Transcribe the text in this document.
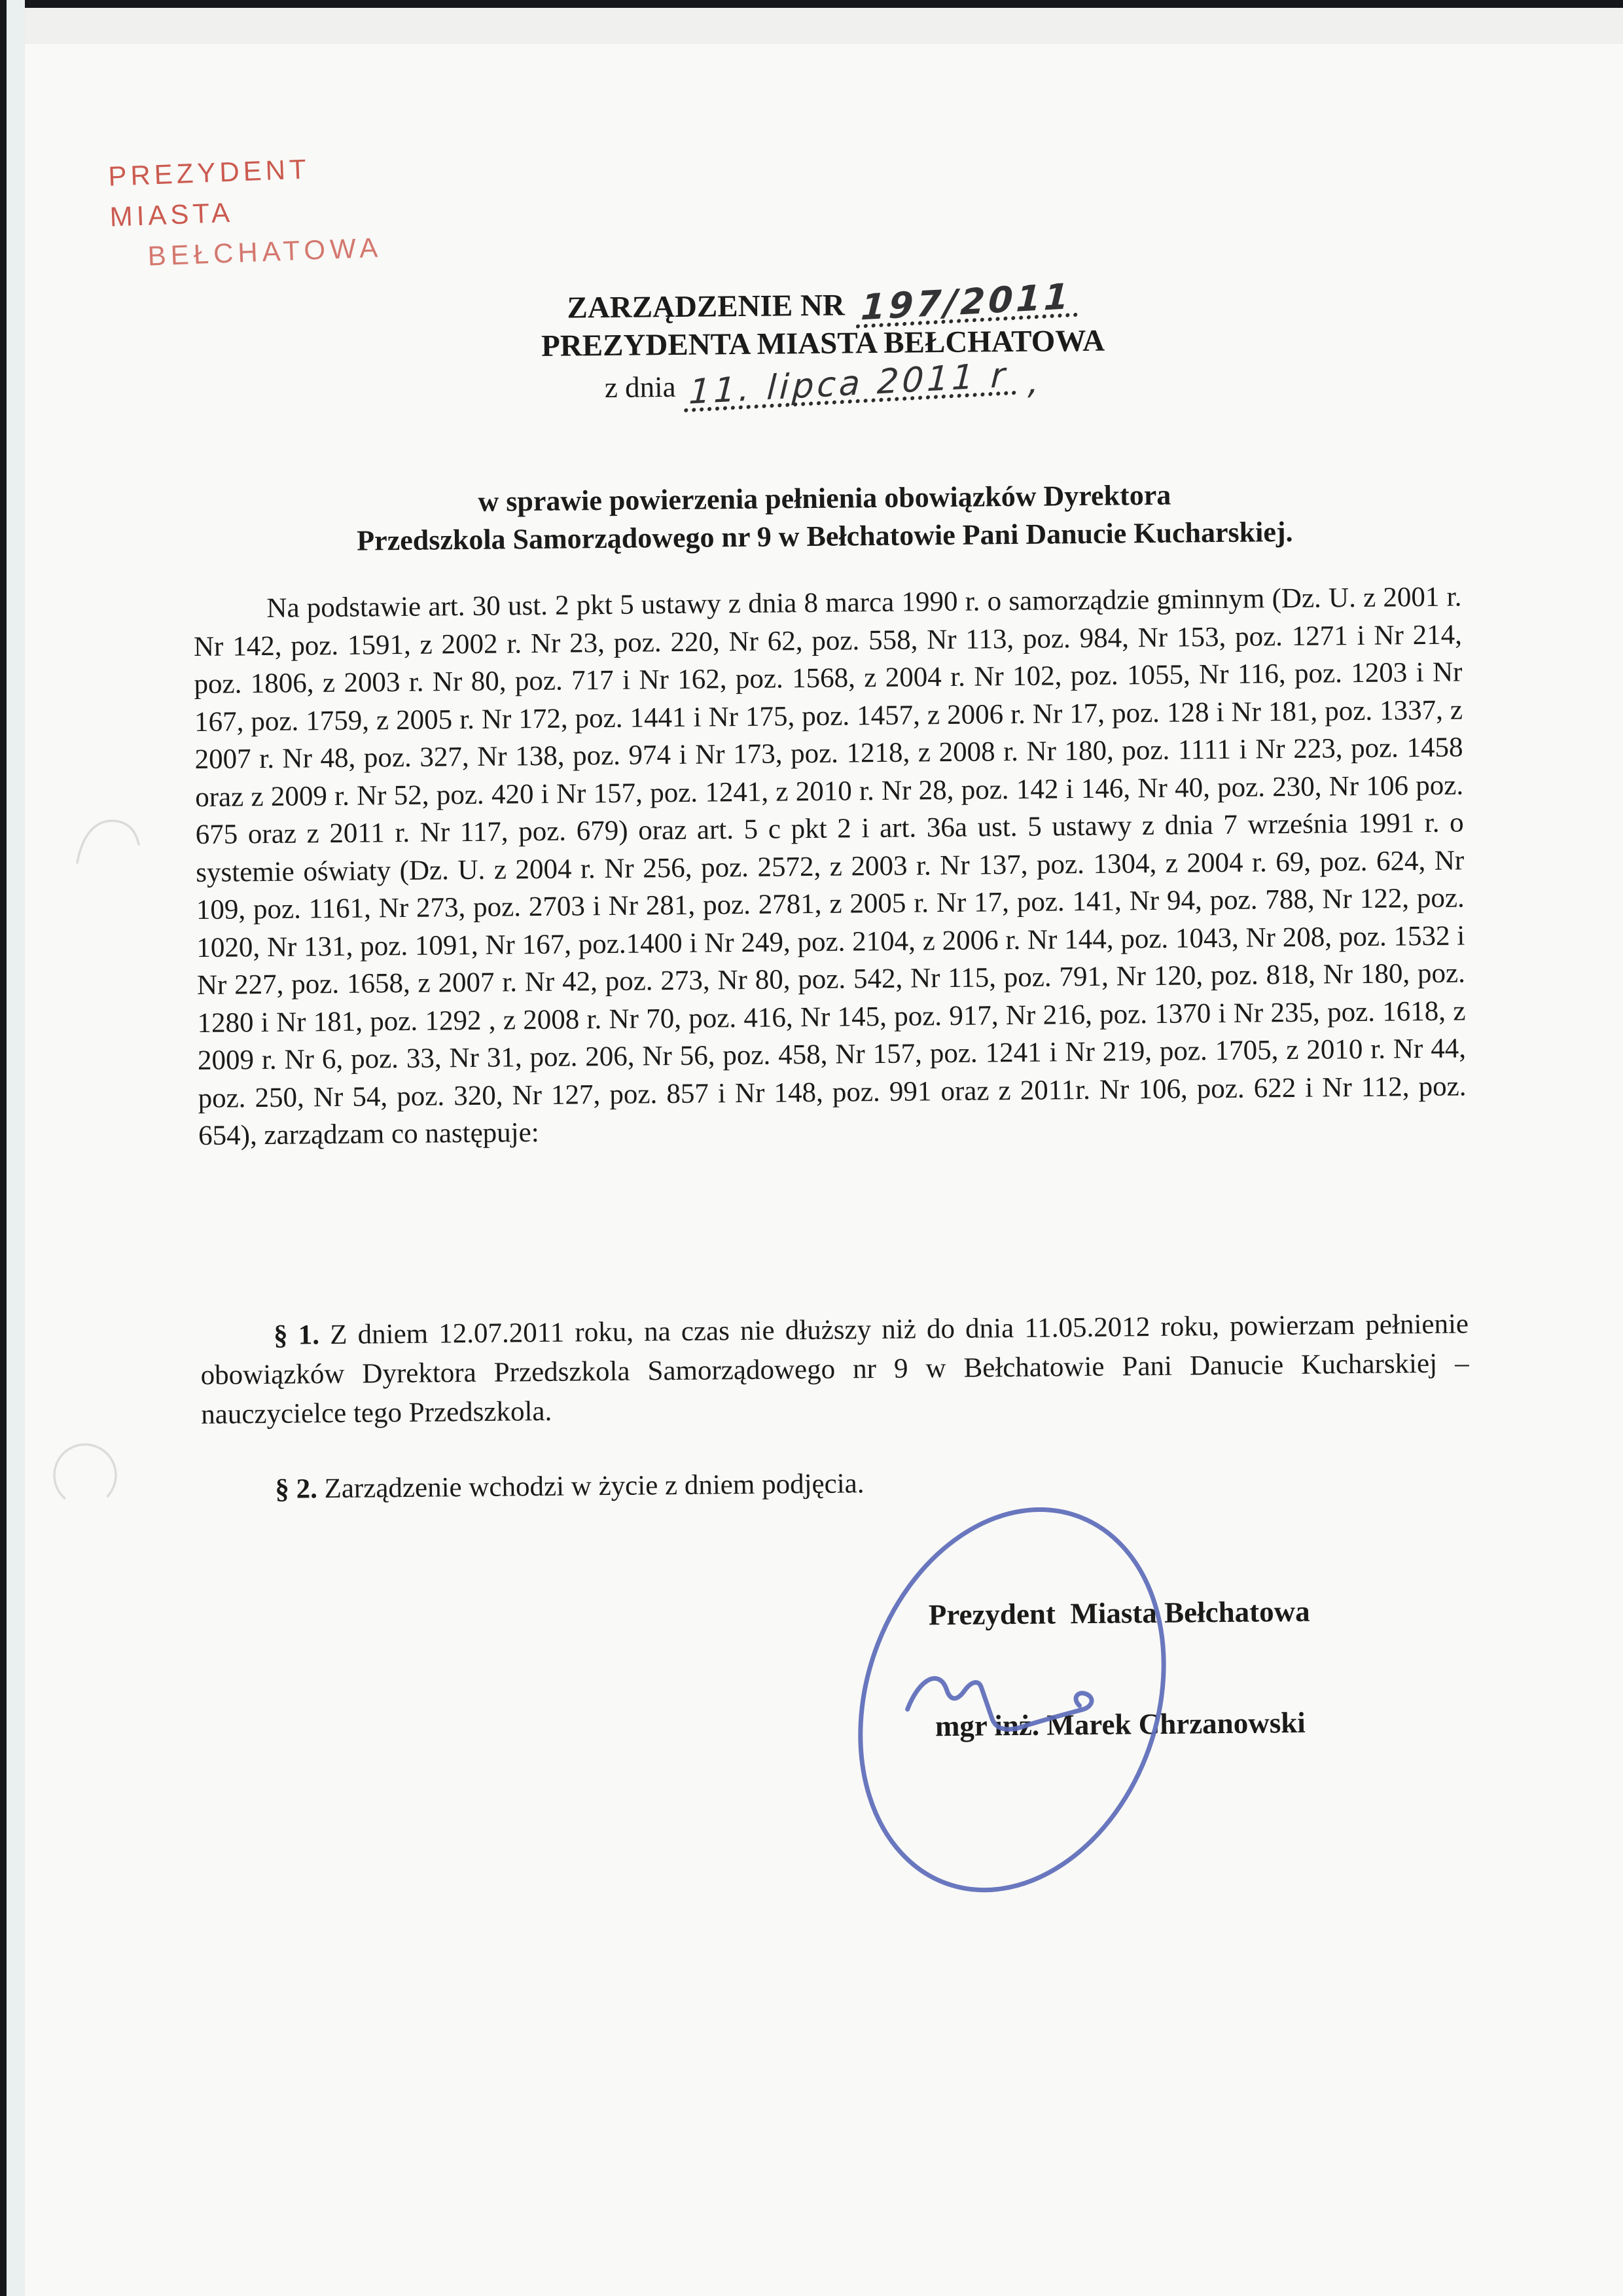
PREZYDENT MIASTA
BEŁCHATOWA
ZARZĄDZENIE NR 197/2011
PREZYDENTA MIASTA BEŁCHATOWA
z dnia 11. lipca 2011 r ,
w sprawie powierzenia pełnienia obowiązków Dyrektora
Przedszkola Samorządowego nr 9 w Bełchatowie Pani Danucie Kucharskiej.

Na podstawie art. 30 ust. 2 pkt 5 ustawy z dnia 8 marca 1990 r. o samorządzie gminnym (Dz. U. z 2001 r. Nr 142, poz. 1591, z 2002 r. Nr 23, poz. 220, Nr 62, poz. 558, Nr 113, poz. 984, Nr 153, poz. 1271 i Nr 214, poz. 1806, z 2003 r. Nr 80, poz. 717 i Nr 162, poz. 1568, z 2004 r. Nr 102, poz. 1055, Nr 116, poz. 1203 i Nr 167, poz. 1759, z 2005 r. Nr 172, poz. 1441 i Nr 175, poz. 1457, z 2006 r. Nr 17, poz. 128 i Nr 181, poz. 1337, z 2007 r. Nr 48, poz. 327, Nr 138, poz. 974 i Nr 173, poz. 1218, z 2008 r. Nr 180, poz. 1111 i Nr 223, poz. 1458 oraz z 2009 r. Nr 52, poz. 420 i Nr 157, poz. 1241, z 2010 r. Nr 28, poz. 142 i 146, Nr 40, poz. 230, Nr 106 poz. 675 oraz z 2011 r. Nr 117, poz. 679) oraz art. 5 c pkt 2 i art. 36a ust. 5 ustawy z dnia 7 września 1991 r. o systemie oświaty (Dz. U. z 2004 r. Nr 256, poz. 2572, z 2003 r. Nr 137, poz. 1304, z 2004 r. 69, poz. 624, Nr 109, poz. 1161, Nr 273, poz. 2703 i Nr 281, poz. 2781, z 2005 r. Nr 17, poz. 141, Nr 94, poz. 788, Nr 122, poz. 1020, Nr 131, poz. 1091, Nr 167, poz.1400 i Nr 249, poz. 2104, z 2006 r. Nr 144, poz. 1043, Nr 208, poz. 1532 i Nr 227, poz. 1658, z 2007 r. Nr 42, poz. 273, Nr 80, poz. 542, Nr 115, poz. 791, Nr 120, poz. 818, Nr 180, poz. 1280 i Nr 181, poz. 1292 , z 2008 r. Nr 70, poz. 416, Nr 145, poz. 917, Nr 216, poz. 1370 i Nr 235, poz. 1618, z 2009 r. Nr 6, poz. 33, Nr 31, poz. 206, Nr 56, poz. 458, Nr 157, poz. 1241 i Nr 219, poz. 1705, z 2010 r. Nr 44, poz. 250, Nr 54, poz. 320, Nr 127, poz. 857 i Nr 148, poz. 991 oraz z 2011r. Nr 106, poz. 622 i Nr 112, poz. 654), zarządzam co następuje:

§ 1. Z dniem 12.07.2011 roku, na czas nie dłuższy niż do dnia 11.05.2012 roku, powierzam pełnienie obowiązków Dyrektora Przedszkola Samorządowego nr 9 w Bełchatowie Pani Danucie Kucharskiej – nauczycielce tego Przedszkola.

§ 2. Zarządzenie wchodzi w życie z dniem podjęcia.

Prezydent  Miasta Bełchatowa
mgr inż. Marek Chrzanowski
